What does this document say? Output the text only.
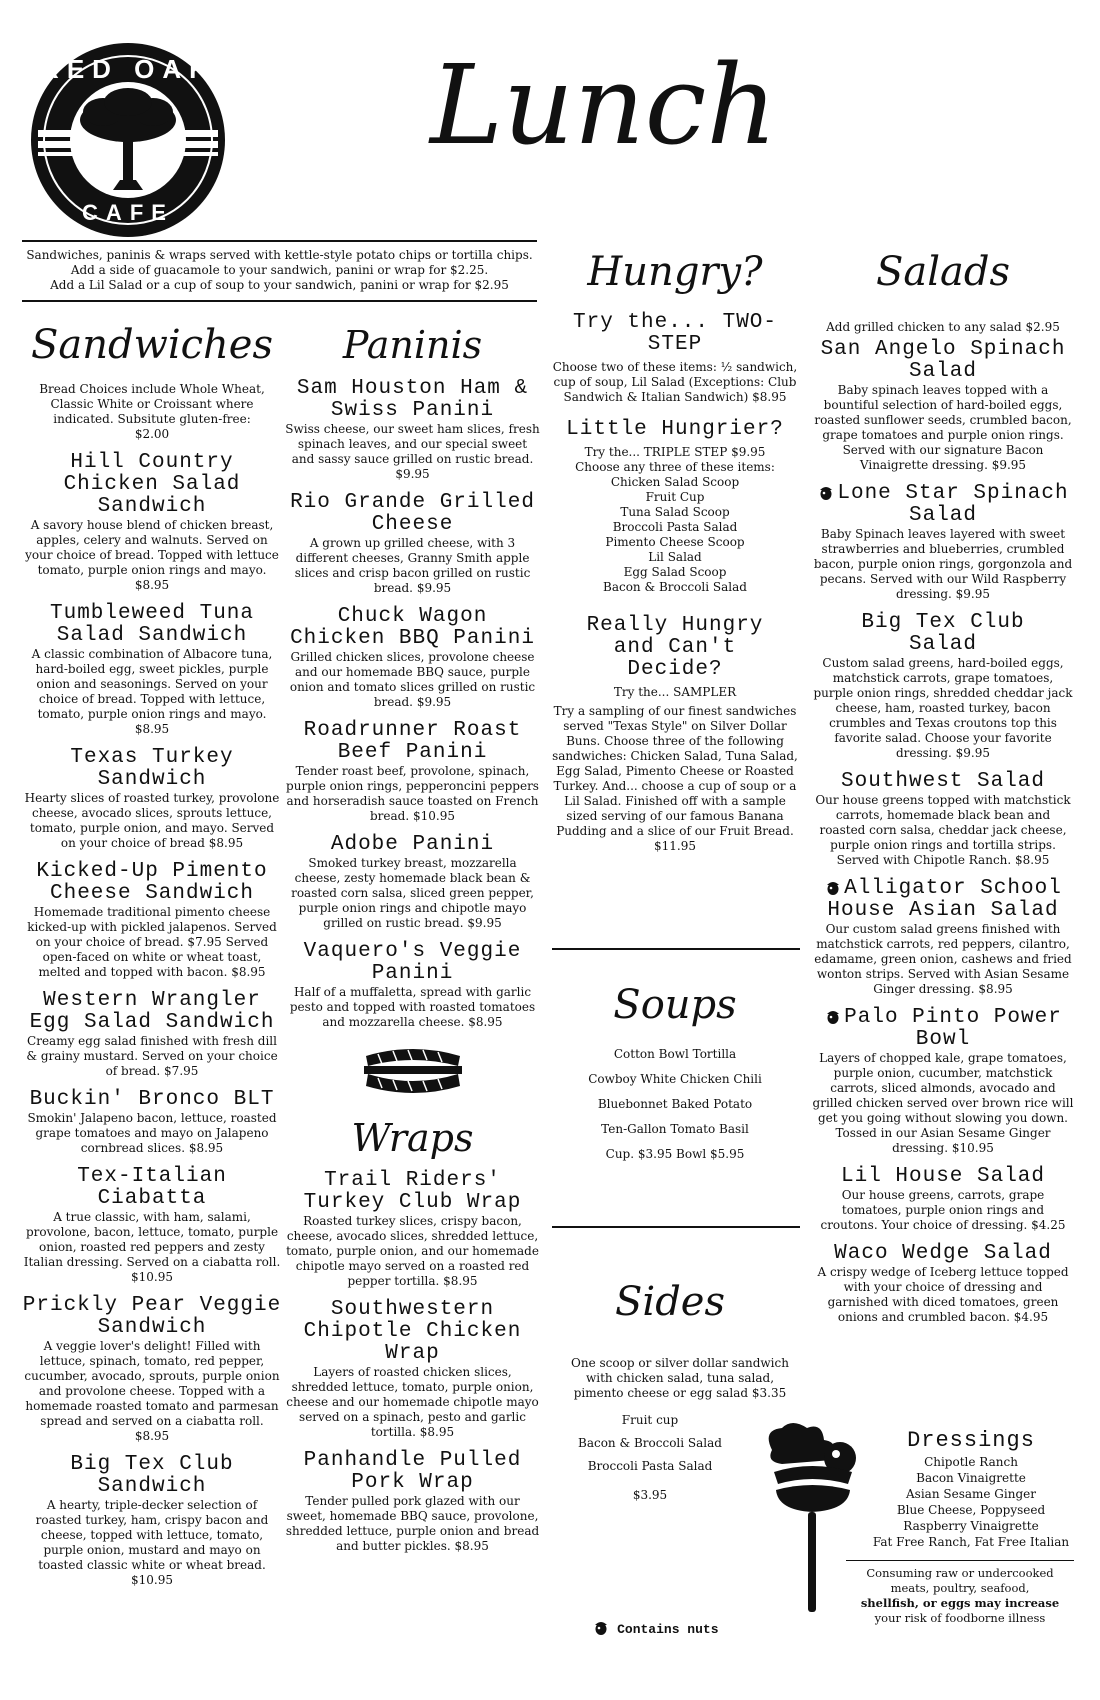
RED OAK
CAFE
Lunch
Sandwiches, paninis & wraps served with kettle-style potato chips or tortilla chips.
Add a side of guacamole to your sandwich, panini or wrap for $2.25.
Add a Lil Salad or a cup of soup to your sandwich, panini or wrap for $2.95
Sandwiches
Bread Choices include Whole Wheat, Classic White or Croissant where indicated. Subsitute gluten-free: $2.00
Hill Country Chicken Salad Sandwich
A savory house blend of chicken breast, apples, celery and walnuts. Served on your choice of bread. Topped with lettuce tomato, purple onion rings and mayo. $8.95
Tumbleweed Tuna Salad Sandwich
A classic combination of Albacore tuna, hard-boiled egg, sweet pickles, purple onion and seasonings. Served on your choice of bread. Topped with lettuce, tomato, purple onion rings and mayo. $8.95
Texas Turkey Sandwich
Hearty slices of roasted turkey, provolone cheese, avocado slices, sprouts lettuce, tomato, purple onion, and mayo. Served on your choice of bread $8.95
Kicked-Up Pimento Cheese Sandwich
Homemade traditional pimento cheese kicked-up with pickled jalapenos. Served on your choice of bread. $7.95 Served open-faced on white or wheat toast, melted and topped with bacon. $8.95
Western Wrangler Egg Salad Sandwich
Creamy egg salad finished with fresh dill & grainy mustard. Served on your choice of bread. $7.95
Buckin' Bronco BLT
Smokin' Jalapeno bacon, lettuce, roasted grape tomatoes and mayo on Jalapeno cornbread slices. $8.95
Tex-Italian Ciabatta
A true classic, with ham, salami, provolone, bacon, lettuce, tomato, purple onion, roasted red peppers and zesty Italian dressing. Served on a ciabatta roll. $10.95
Prickly Pear Veggie Sandwich
A veggie lover's delight! Filled with lettuce, spinach, tomato, red pepper, cucumber, avocado, sprouts, purple onion and provolone cheese. Topped with a homemade roasted tomato and parmesan spread and served on a ciabatta roll. $8.95
Big Tex Club Sandwich
A hearty, triple-decker selection of roasted turkey, ham, crispy bacon and cheese, topped with lettuce, tomato, purple onion, mustard and mayo on toasted classic white or wheat bread. $10.95
Paninis
Sam Houston Ham & Swiss Panini
Swiss cheese, our sweet ham slices, fresh spinach leaves, and our special sweet and sassy sauce grilled on rustic bread. $9.95
Rio Grande Grilled Cheese
A grown up grilled cheese, with 3 different cheeses, Granny Smith apple slices and crisp bacon grilled on rustic bread. $9.95
Chuck Wagon Chicken BBQ Panini
Grilled chicken slices, provolone cheese and our homemade BBQ sauce, purple onion and tomato slices grilled on rustic bread. $9.95
Roadrunner Roast Beef Panini
Tender roast beef, provolone, spinach, purple onion rings, pepperoncini peppers and horseradish sauce toasted on French bread. $10.95
Adobe Panini
Smoked turkey breast, mozzarella cheese, zesty homemade black bean & roasted corn salsa, sliced green pepper, purple onion rings and chipotle mayo grilled on rustic bread. $9.95
Vaquero's Veggie Panini
Half of a muffaletta, spread with garlic pesto and topped with roasted tomatoes and mozzarella cheese. $8.95
Wraps
Trail Riders' Turkey Club Wrap
Roasted turkey slices, crispy bacon, cheese, avocado slices, shredded lettuce, tomato, purple onion, and our homemade chipotle mayo served on a roasted red pepper tortilla. $8.95
Southwestern Chipotle Chicken Wrap
Layers of roasted chicken slices, shredded lettuce, tomato, purple onion, cheese and our homemade chipotle mayo served on a spinach, pesto and garlic tortilla. $8.95
Panhandle Pulled Pork Wrap
Tender pulled pork glazed with our sweet, homemade BBQ sauce, provolone, shredded lettuce, purple onion and bread and butter pickles. $8.95
Hungry?
Try the... TWO-STEP
Choose two of these items: ½ sandwich, cup of soup, Lil Salad (Exceptions: Club Sandwich & Italian Sandwich) $8.95
Little Hungrier?
Try the... TRIPLE STEP $9.95
Choose any three of these items:
Chicken Salad Scoop
Fruit Cup
Tuna Salad Scoop
Broccoli Pasta Salad
Pimento Cheese Scoop
Lil Salad
Egg Salad Scoop
Bacon & Broccoli Salad
Really Hungry and Can't Decide?
Try the... SAMPLER
Try a sampling of our finest sandwiches served "Texas Style" on Silver Dollar Buns. Choose three of the following sandwiches: Chicken Salad, Tuna Salad, Egg Salad, Pimento Cheese or Roasted Turkey. And... choose a cup of soup or a Lil Salad. Finished off with a sample sized serving of our famous Banana Pudding and a slice of our Fruit Bread. $11.95
Soups
Cotton Bowl Tortilla
Cowboy White Chicken Chili
Bluebonnet Baked Potato
Ten-Gallon Tomato Basil
Cup. $3.95 Bowl $5.95
Sides
One scoop or silver dollar sandwich with chicken salad, tuna salad, pimento cheese or egg salad $3.35
Fruit cup
Bacon & Broccoli Salad
Broccoli Pasta Salad
$3.95
Salads
Add grilled chicken to any salad $2.95
San Angelo Spinach Salad
Baby spinach leaves topped with a bountiful selection of hard-boiled eggs, roasted sunflower seeds, crumbled bacon, grape tomatoes and purple onion rings. Served with our signature Bacon Vinaigrette dressing. $9.95
Lone Star Spinach Salad
Baby Spinach leaves layered with sweet strawberries and blueberries, crumbled bacon, purple onion rings, gorgonzola and pecans. Served with our Wild Raspberry dressing. $9.95
Big Tex Club Salad
Custom salad greens, hard-boiled eggs, matchstick carrots, grape tomatoes, purple onion rings, shredded cheddar jack cheese, ham, roasted turkey, bacon crumbles and Texas croutons top this favorite salad. Choose your favorite dressing. $9.95
Southwest Salad
Our house greens topped with matchstick carrots, homemade black bean and roasted corn salsa, cheddar jack cheese, purple onion rings and tortilla strips. Served with Chipotle Ranch. $8.95
Alligator School House Asian Salad
Our custom salad greens finished with matchstick carrots, red peppers, cilantro, edamame, green onion, cashews and fried wonton strips. Served with Asian Sesame Ginger dressing. $8.95
Palo Pinto Power Bowl
Layers of chopped kale, grape tomatoes, purple onion, cucumber, matchstick carrots, sliced almonds, avocado and grilled chicken served over brown rice will get you going without slowing you down. Tossed in our Asian Sesame Ginger dressing. $10.95
Lil House Salad
Our house greens, carrots, grape tomatoes, purple onion rings and croutons. Your choice of dressing. $4.25
Waco Wedge Salad
A crispy wedge of Iceberg lettuce topped with your choice of dressing and garnished with diced tomatoes, green onions and crumbled bacon. $4.95
Dressings
Chipotle Ranch
Bacon Vinaigrette
Asian Sesame Ginger
Blue Cheese, Poppyseed
Raspberry Vinaigrette
Fat Free Ranch, Fat Free Italian
Consuming raw or undercooked meats, poultry, seafood,
shellfish, or eggs may increase
your risk of foodborne illness
Contains nuts
